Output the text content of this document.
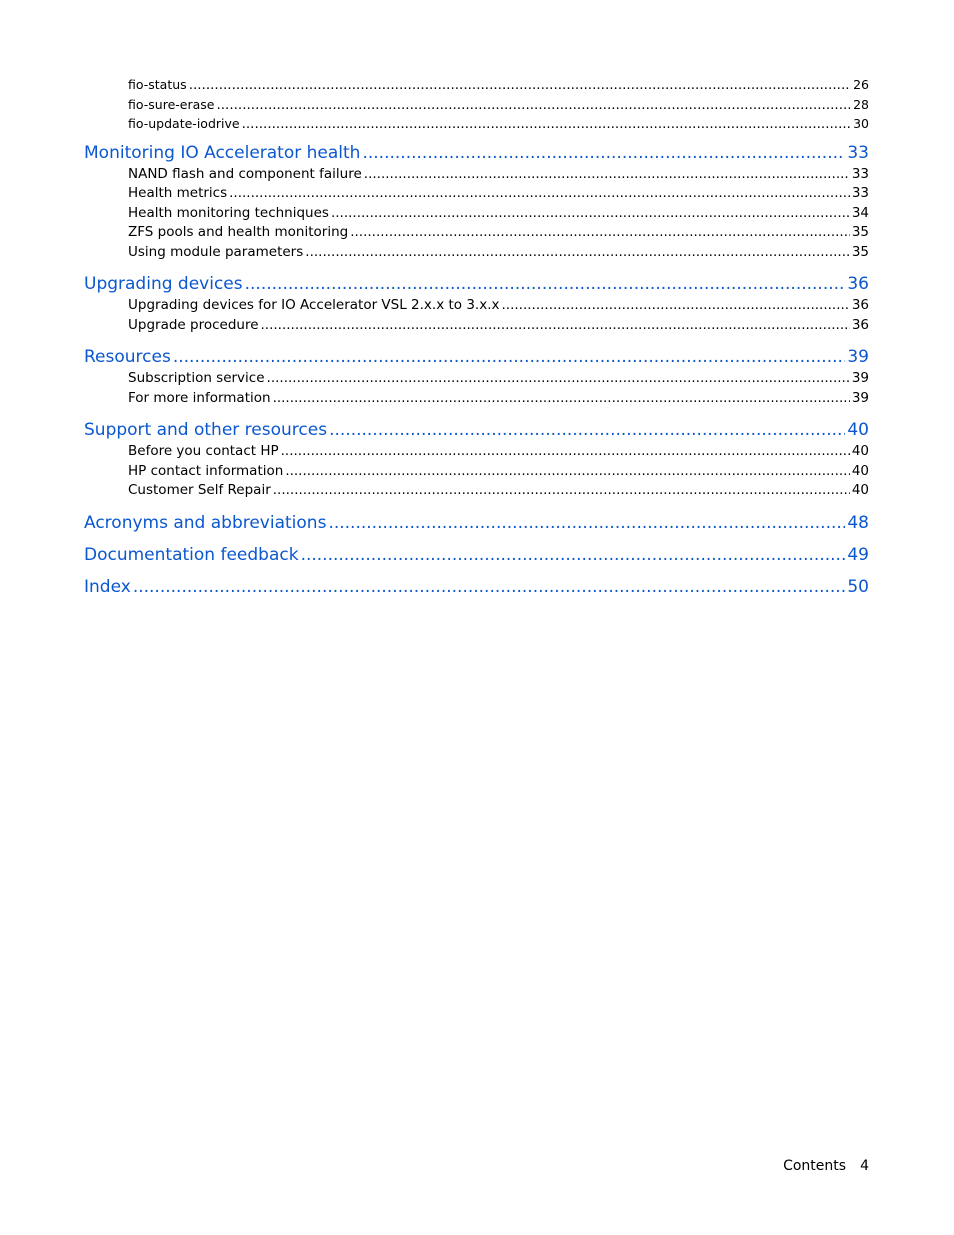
fio-status .....	26
fio-sure-erase .....	28
fio-update-iodrive .....	30
Monitoring IO Accelerator health .....	33
NAND flash and component failure .....	33
Health metrics .....	33
Health monitoring techniques .....	34
ZFS pools and health monitoring .....	35
Using module parameters .....	35
Upgrading devices .....	36
Upgrading devices for IO Accelerator VSL 2.x.x to 3.x.x .....	36
Upgrade procedure .....	36
Resources .....	39
Subscription service .....	39
For more information .....	39
Support and other resources .....	40
Before you contact HP .....	40
HP contact information .....	40
Customer Self Repair .....	40
Acronyms and abbreviations .....	48
Documentation feedback .....	49
Index .....	50
Contents 4
